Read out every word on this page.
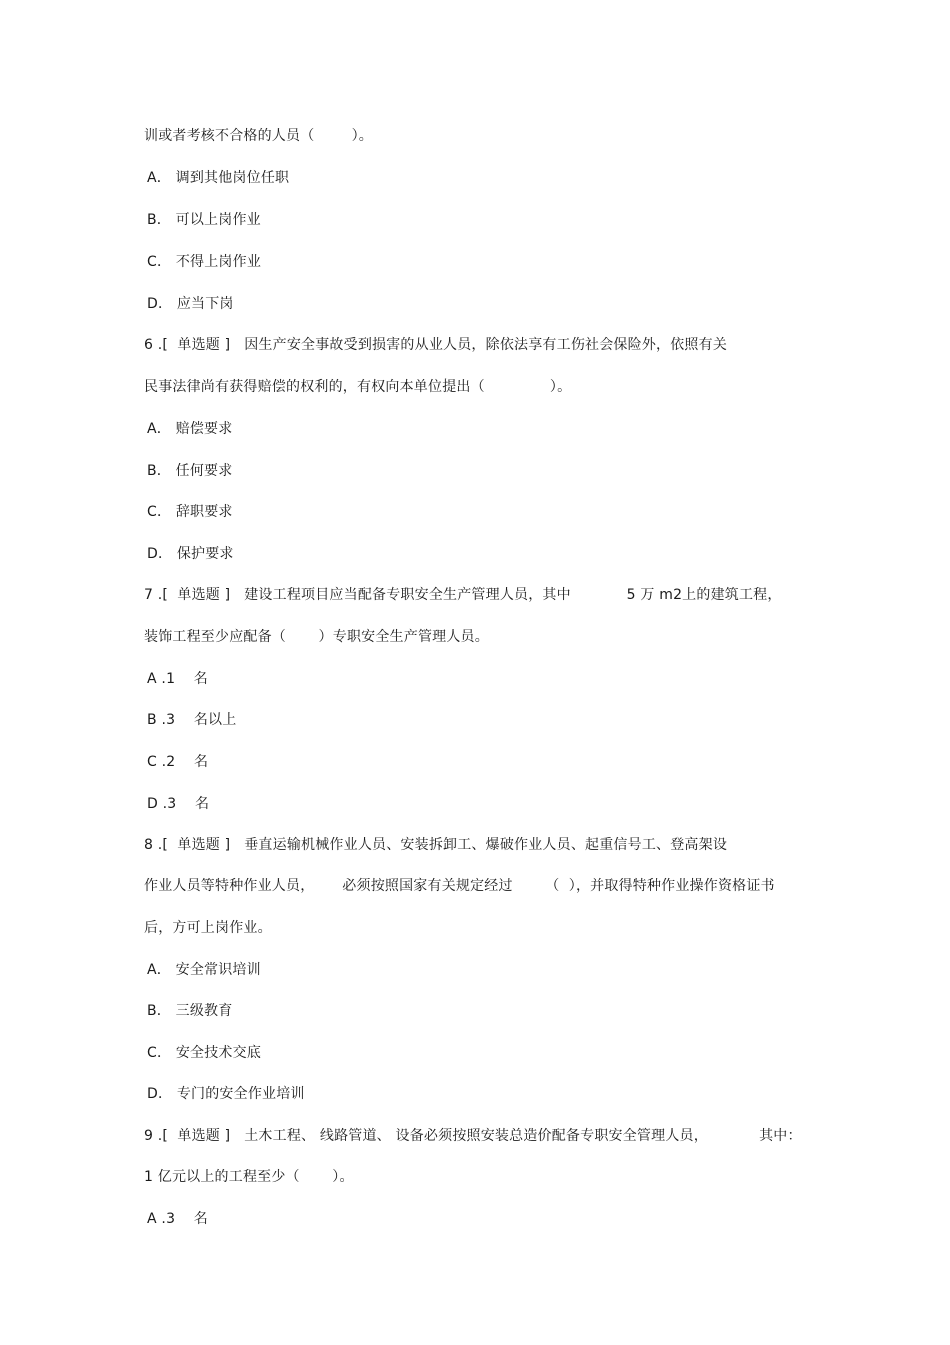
训或者考核不合格的人员（        ）。
A． 调到其他岗位任职
B． 可以上岗作业
C． 不得上岗作业
D． 应当下岗
6 .[  单选题 ]   因生产安全事故受到损害的从业人员，除依法享有工伤社会保险外，依照有关
民事法律尚有获得赔偿的权利的，有权向本单位提出（              ）。
A． 赔偿要求
B． 任何要求
C． 辞职要求
D． 保护要求
7 .[  单选题 ]   建设工程项目应当配备专职安全生产管理人员，其中            5 万 m2上的建筑工程，
装饰工程至少应配备（       ）专职安全生产管理人员。
A .1    名
B .3    名以上
C .2    名
D .3    名
8 .[  单选题 ]   垂直运输机械作业人员、安装拆卸工、爆破作业人员、起重信号工、登高架设
作业人员等特种作业人员，      必须按照国家有关规定经过       （  ），并取得特种作业操作资格证书
后，方可上岗作业。
A． 安全常识培训
B． 三级教育
C． 安全技术交底
D． 专门的安全作业培训
9 .[  单选题 ]   土木工程、 线路管道、 设备必须按照安装总造价配备专职安全管理人员，           其中：
1 亿元以上的工程至少（       ）。
A .3    名
